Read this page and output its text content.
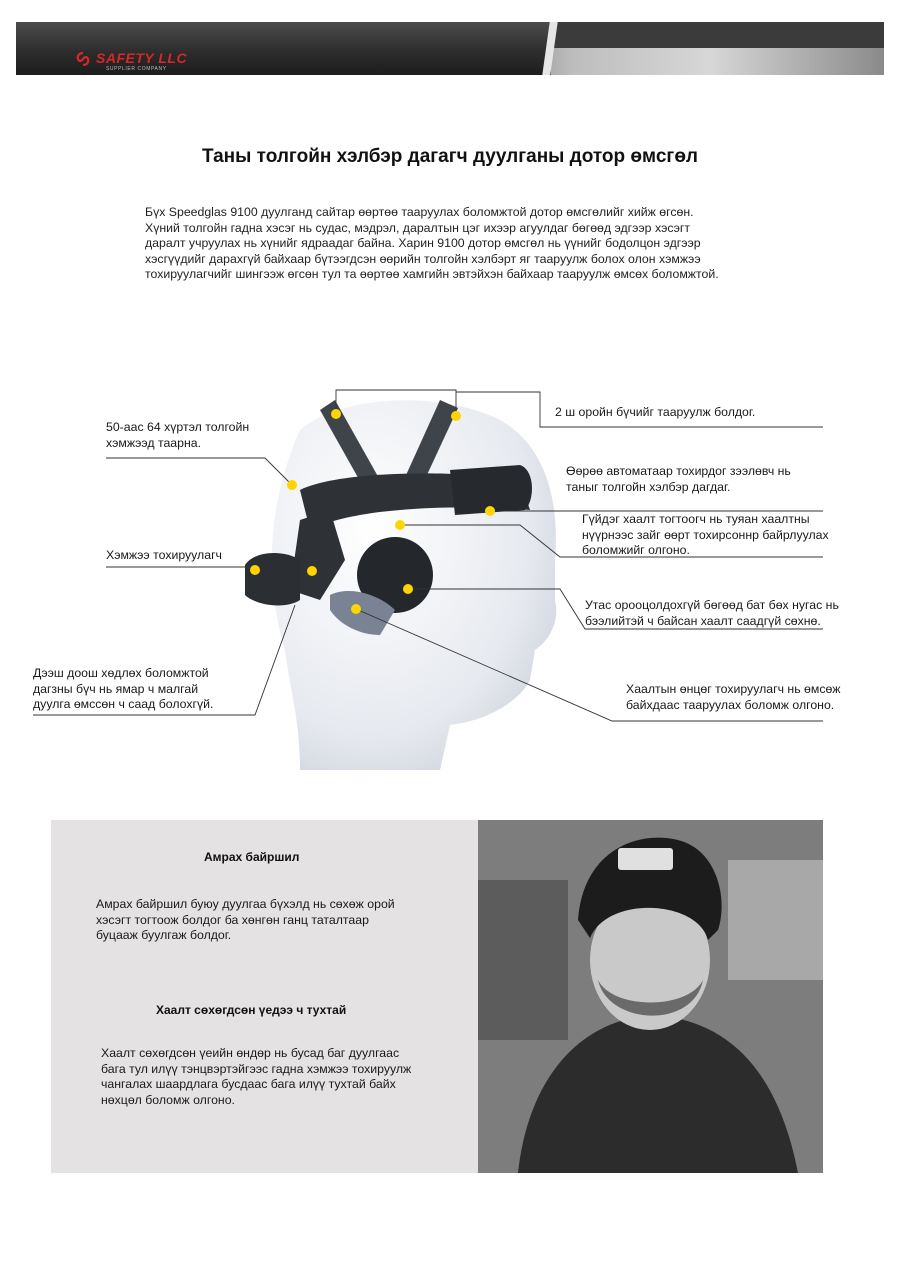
SAFETY LLC
SUPPLIER COMPANY
Таны толгойн хэлбэр дагагч дуулганы дотор өмсгөл
Бүх Speedglas 9100 дуулганд сайтар өөртөө тааруулах боломжтой дотор өмсгөлийг хийж өгсөн.
Хүний толгойн гадна хэсэг нь судас, мэдрэл, даралтын цэг ихээр агуулдаг бөгөөд эдгээр хэсэгт
даралт учруулах нь хүнийг ядраадаг байна. Харин 9100 дотор өмсгөл нь үүнийг бодолцон эдгээр
хэсгүүдийг дарахгүй байхаар бүтээгдсэн өөрийн толгойн хэлбэрт яг тааруулж болох олон хэмжээ
тохируулагчийг шингээж өгсөн тул та өөртөө хамгийн эвтэйхэн байхаар тааруулж өмсөх боломжтой.
50-аас 64 хүртэл толгойн
хэмжээд таарна.
2 ш оройн бүчийг тааруулж болдог.
Өөрөө автоматаар тохирдог зээлөвч нь
таныг толгойн хэлбэр дагдаг.
Хэмжээ тохируулагч
Гүйдэг хаалт тогтоогч нь туяан хаалтны
нүүрнээс зайг өөрт тохирсоннр байрлуулах
боломжийг олгоно.
Дээш доош хөдлөх боломжтой
дагзны бүч нь ямар ч малгай
дуулга өмссөн ч саад болохгүй.
Утас орооцолдохгүй бөгөөд бат бөх нугас нь
бээлийтэй ч байсан хаалт саадгүй сөхнө.
Хаалтын өнцөг тохируулагч нь өмсөж
байхдаас тааруулах боломж олгоно.
Амрах байршил
Амрах байршил буюу дуулгаа бүхэлд нь сөхөж орой
хэсэгт тогтоож болдог ба хөнгөн ганц таталтаар
буцааж буулгаж болдог.
Хаалт сөхөгдсөн үедээ ч тухтай
Хаалт сөхөгдсөн үеийн өндөр нь бусад баг дуулгаас
бага тул илүү тэнцвэртэйгээс гадна хэмжээ тохируулж
чангалах шаардлага бусдаас бага илүү тухтай байх
нөхцөл боломж олгоно.
